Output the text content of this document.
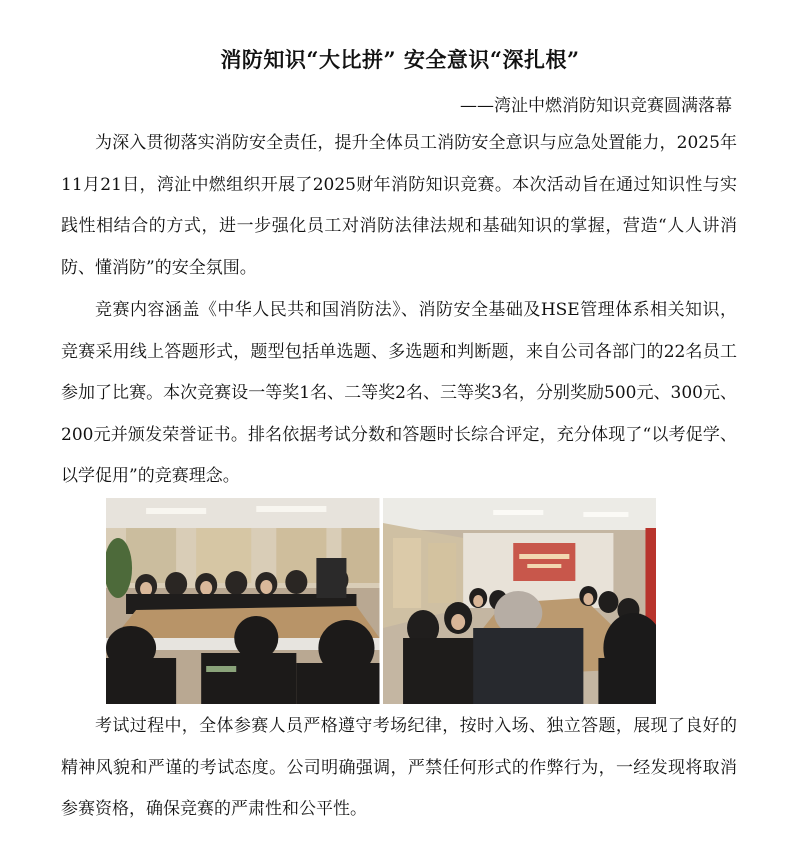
消防知识“大比拼” 安全意识“深扎根”
——湾沚中燃消防知识竞赛圆满落幕

为深入贯彻落实消防安全责任，提升全体员工消防安全意识与应急处置能力，2025年11月21日，湾沚中燃组织开展了2025财年消防知识竞赛。本次活动旨在通过知识性与实践性相结合的方式，进一步强化员工对消防法律法规和基础知识的掌握，营造“人人讲消防、懂消防”的安全氛围。

竞赛内容涵盖《中华人民共和国消防法》、消防安全基础及HSE管理体系相关知识，竞赛采用线上答题形式，题型包括单选题、多选题和判断题，来自公司各部门的22名员工参加了比赛。本次竞赛设一等奖1名、二等奖2名、三等奖3名，分别奖励500元、300元、200元并颁发荣誉证书。排名依据考试分数和答题时长综合评定，充分体现了“以考促学、以学促用”的竞赛理念。

考试过程中，全体参赛人员严格遵守考场纪律，按时入场、独立答题，展现了良好的精神风貌和严谨的考试态度。公司明确强调，严禁任何形式的作弊行为，一经发现将取消参赛资格，确保竞赛的严肃性和公平性。
